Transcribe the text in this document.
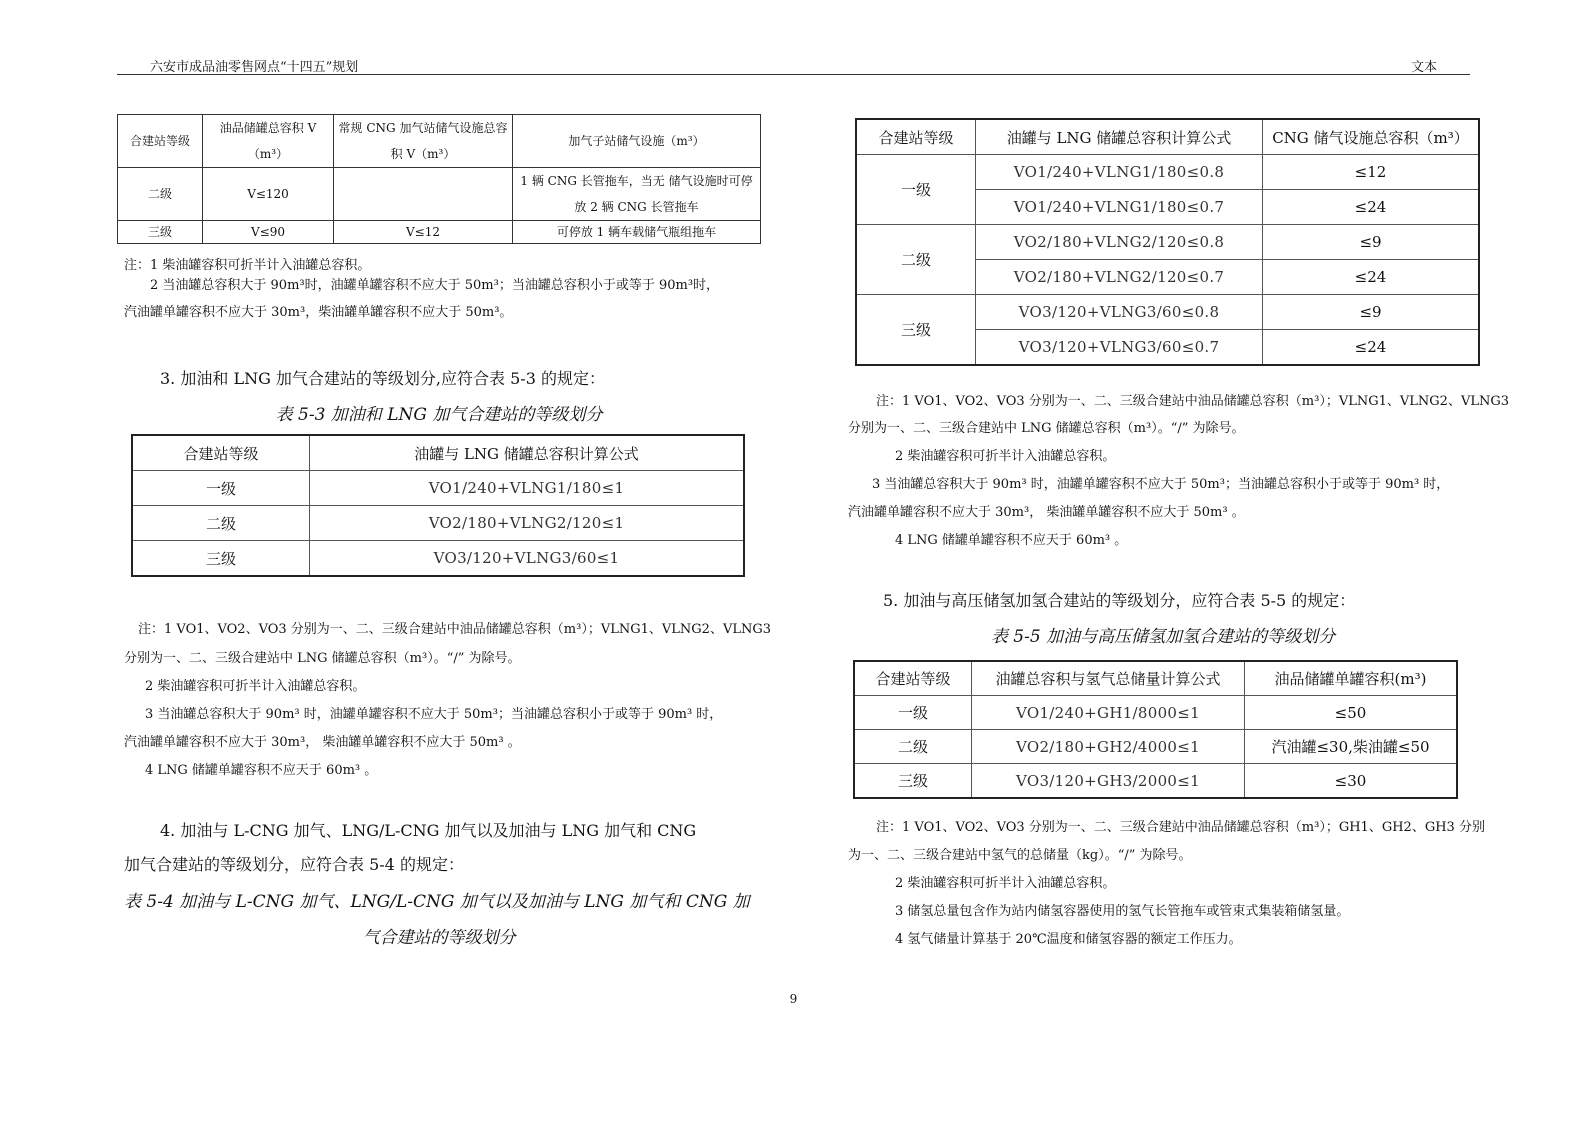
六安市成品油零售网点“十四五”规划	文本
合建站等级	油品储罐总容积 V（m³）	常规 CNG 加气站储气设施总容积 V（m³）	加气子站储气设施（m³）
二级	V≤120		1 辆 CNG 长管拖车，当无 储气设施时可停放 2 辆 CNG 长管拖车
三级	V≤90	V≤12	可停放 1 辆车载储气瓶组拖车
注：1 柴油罐容积可折半计入油罐总容积。
2 当油罐总容积大于 90m³时，油罐单罐容积不应大于 50m³；当油罐总容积小于或等于 90m³时，
汽油罐单罐容积不应大于 30m³，柴油罐单罐容积不应大于 50m³。
3. 加油和 LNG 加气合建站的等级划分,应符合表 5-3 的规定：
表 5-3 加油和 LNG 加气合建站的等级划分
合建站等级	油罐与 LNG 储罐总容积计算公式
一级	VO1/240+VLNG1/180≤1
二级	VO2/180+VLNG2/120≤1
三级	VO3/120+VLNG3/60≤1
注：1 VO1、VO2、VO3 分别为一、二、三级合建站中油品储罐总容积（m³）；VLNG1、VLNG2、VLNG3
分别为一、二、三级合建站中 LNG 储罐总容积（m³）。“/” 为除号。
2 柴油罐容积可折半计入油罐总容积。
3 当油罐总容积大于 90m³ 时，油罐单罐容积不应大于 50m³；当油罐总容积小于或等于 90m³ 时，
汽油罐单罐容积不应大于 30m³， 柴油罐单罐容积不应大于 50m³ 。
4 LNG 储罐单罐容积不应天于 60m³ 。
4. 加油与 L-CNG 加气、LNG/L-CNG 加气以及加油与 LNG 加气和 CNG
加气合建站的等级划分，应符合表 5-4 的规定：
表 5-4 加油与 L-CNG 加气、LNG/L-CNG 加气以及加油与 LNG 加气和 CNG 加
气合建站的等级划分
合建站等级	油罐与 LNG 储罐总容积计算公式	CNG 储气设施总容积（m³）
一级	VO1/240+VLNG1/180≤0.8	≤12
	VO1/240+VLNG1/180≤0.7	≤24
二级	VO2/180+VLNG2/120≤0.8	≤9
	VO2/180+VLNG2/120≤0.7	≤24
三级	VO3/120+VLNG3/60≤0.8	≤9
	VO3/120+VLNG3/60≤0.7	≤24
注：1 VO1、VO2、VO3 分别为一、二、三级合建站中油品储罐总容积（m³）；VLNG1、VLNG2、VLNG3
分别为一、二、三级合建站中 LNG 储罐总容积（m³）。“/” 为除号。
2 柴油罐容积可折半计入油罐总容积。
3 当油罐总容积大于 90m³ 时，油罐单罐容积不应大于 50m³；当油罐总容积小于或等于 90m³ 时，
汽油罐单罐容积不应大于 30m³， 柴油罐单罐容积不应大于 50m³ 。
4 LNG 储罐单罐容积不应天于 60m³ 。
5. 加油与高压储氢加氢合建站的等级划分，应符合表 5-5 的规定：
表 5-5 加油与高压储氢加氢合建站的等级划分
合建站等级	油罐总容积与氢气总储量计算公式	油品储罐单罐容积(m³)
一级	VO1/240+GH1/8000≤1	≤50
二级	VO2/180+GH2/4000≤1	汽油罐≤30,柴油罐≤50
三级	VO3/120+GH3/2000≤1	≤30
注：1 VO1、VO2、VO3 分别为一、二、三级合建站中油品储罐总容积（m³）；GH1、GH2、GH3 分别
为一、二、三级合建站中氢气的总储量（kg）。“/” 为除号。
2 柴油罐容积可折半计入油罐总容积。
3 储氢总量包含作为站内储氢容器使用的氢气长管拖车或管束式集装箱储氢量。
4 氢气储量计算基于 20℃温度和储氢容器的额定工作压力。
9
